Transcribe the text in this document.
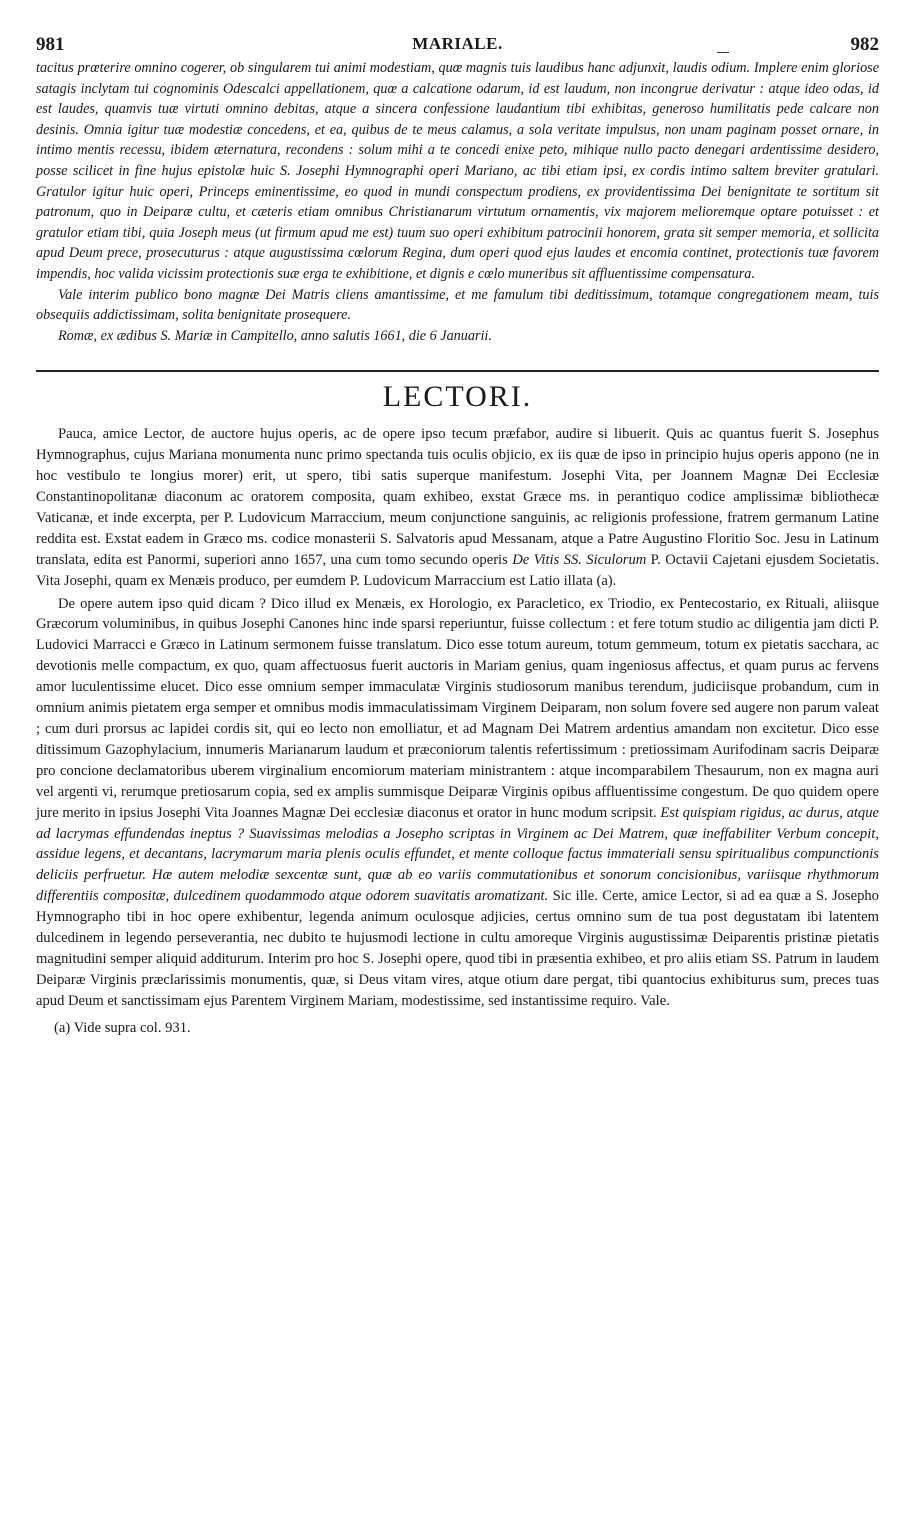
981	MARIALE.	982

tacitus prœterire omnino cogerer, ob singularem tui animi modestiam, quœ magnis tuis laudibus hanc adjunxit, laudis odium. Implere enim gloriose satagis inclytam tui cognominis Odescalci appellationem, quœ a calcatione odarum, id est laudum, non incongrue derivatur : atque ideo odas, id est laudes, quamvis tuæ virtuti omnino debitas, atque a sincera confessione laudantium tibi exhibitas, generoso humilitatis pede calcare non desinis. Omnia igitur tuæ modestiæ concedens, et ea, quibus de te meus calamus, a sola veritate impulsus, non unam paginam posset ornare, in intimo mentis recessu, ibidem æternatura, recondens : solum mihi a te concedi enixe peto, mihique nullo pacto denegari ardentissime desidero, posse scilicet in fine hujus epistolæ huic S. Josephi Hymnographi operi Mariano, ac tibi etiam ipsi, ex cordis intimo saltem breviter gratulari. Gratulor igitur huic operi, Princeps eminentissime, eo quod in mundi conspectum prodiens, ex providentissima Dei benignitate te sortitum sit patronum, quo in Deiparæ cultu, et cæteris etiam omnibus Christianarum virtutum ornamentis, vix majorem melioremque optare potuisset : et gratulor etiam tibi, quia Joseph meus (ut firmum apud me est) tuum suo operi exhibitum patrocinii honorem, grata sit semper memoria, et sollicita apud Deum prece, prosecuturus : atque augustissima cœlorum Regina, dum operi quod ejus laudes et encomia continet, protectionis tuæ favorem impendis, hoc valida vicissim protectionis suæ erga te exhibitione, et dignis e cœlo muneribus sit affluentissime compensatura.

Vale interim publico bono magnæ Dei Matris cliens amantissime, et me famulum tibi deditissimum, totamque congregationem meam, tuis obsequiis addictissimam, solita benignitate prosequere.

Romæ, ex ædibus S. Mariæ in Campitello, anno salutis 1661, die 6 Januarii.

LECTORI.

Pauca, amice Lector, de auctore hujus operis, ac de opere ipso tecum præfabor, audire si libuerit. Quis ac quantus fuerit S. Josephus Hymnographus, cujus Mariana monumenta nunc primo spectanda tuis oculis objicio, ex iis quæ de ipso in principio hujus operis appono (ne in hoc vestibulo te longius morer) erit, ut spero, tibi satis superque manifestum. Josephi Vita, per Joannem Magnæ Dei Ecclesiæ Constantinopolitanæ diaconum ac oratorem composita, quam exhibeo, exstat Græce ms. in perantiquo codice amplissimæ bibliothecæ Vaticanæ, et inde excerpta, per P. Ludovicum Marraccium, meum conjunctione sanguinis, ac religionis professione, fratrem germanum Latine reddita est. Exstat eadem in Græco ms. codice monasterii S. Salvatoris apud Messanam, atque a Patre Augustino Floritio Soc. Jesu in Latinum translata, edita est Panormi, superiori anno 1657, una cum tomo secundo operis De Vitis SS. Siculorum P. Octavii Cajetani ejusdem Societatis. Vita Josephi, quam ex Menæis produco, per eumdem P. Ludovicum Marraccium est Latio illata (a).

De opere autem ipso quid dicam ? Dico illud ex Menæis, ex Horologio, ex Paracletico, ex Triodio, ex Pentecostario, ex Rituali, aliisque Græcorum voluminibus, in quibus Josephi Canones hinc inde sparsi reperiuntur, fuisse collectum : et fere totum studio ac diligentia jam dicti P. Ludovici Marracci e Græco in Latinum sermonem fuisse translatum. Dico esse totum aureum, totum gemmeum, totum ex pietatis sacchara, ac devotionis melle compactum, ex quo, quam affectuosus fuerit auctoris in Mariam genius, quam ingeniosus affectus, et quam purus ac fervens amor luculentissime elucet. Dico esse omnium semper immaculatæ Virginis studiosorum manibus terendum, judiciisque probandum, cum in omnium animis pietatem erga semper et omnibus modis immaculatissimam Virginem Deiparam, non solum fovere sed augere non parum valeat ; cum duri prorsus ac lapidei cordis sit, qui eo lecto non emolliatur, et ad Magnam Dei Matrem ardentius amandam non excitetur. Dico esse ditissimum Gazophylacium, innumeris Marianarum laudum et præconiorum talentis refertissimum : pretiossimam Aurifodinam sacris Deiparæ pro concione declamatoribus uberem virginalium encomiorum materiam ministrantem : atque incomparabilem Thesaurum, non ex magna auri vel argenti vi, rerumque pretiosarum copia, sed ex amplis summisque Deiparæ Virginis opibus affluentissime congestum. De quo quidem opere jure merito in ipsius Josephi Vita Joannes Magnæ Dei ecclesiæ diaconus et orator in hunc modum scripsit. Est quispiam rigidus, ac durus, atque ad lacrymas effundendas ineptus ? Suavissimas melodias a Josepho scriptas in Virginem ac Dei Matrem, quæ ineffabiliter Verbum concepit, assidue legens, et decantans, lacrymarum maria plenis oculis effundet, et mente colloque factus immateriali sensu spiritualibus compunctionis deliciis perfruetur. Hæ autem melodiæ sexcentæ sunt, quæ ab eo variis commutationibus et sonorum concisionibus, variisque rhythmorum differentiis compositæ, dulcedinem quodammodo atque odorem suavitatis aromatizant. Sic ille. Certe, amice Lector, si ad ea quæ a S. Josepho Hymnographo tibi in hoc opere exhibentur, legenda animum oculosque adjicies, certus omnino sum de tua post degustatam ibi latentem dulcedinem in legendo perseverantia, nec dubito te hujusmodi lectione in cultu amoreque Virginis augustissimæ Deiparentis pristinæ pietatis magnitudini semper aliquid additurum. Interim pro hoc S. Josephi opere, quod tibi in præsentia exhibeo, et pro aliis etiam SS. Patrum in laudem Deiparæ Virginis præclarissimis monumentis, quæ, si Deus vitam vires, atque otium dare pergat, tibi quantocius exhibiturus sum, preces tuas apud Deum et sanctissimam ejus Parentem Virginem Mariam, modestissime, sed instantissime requiro. Vale.

(a) Vide supra col. 931.
